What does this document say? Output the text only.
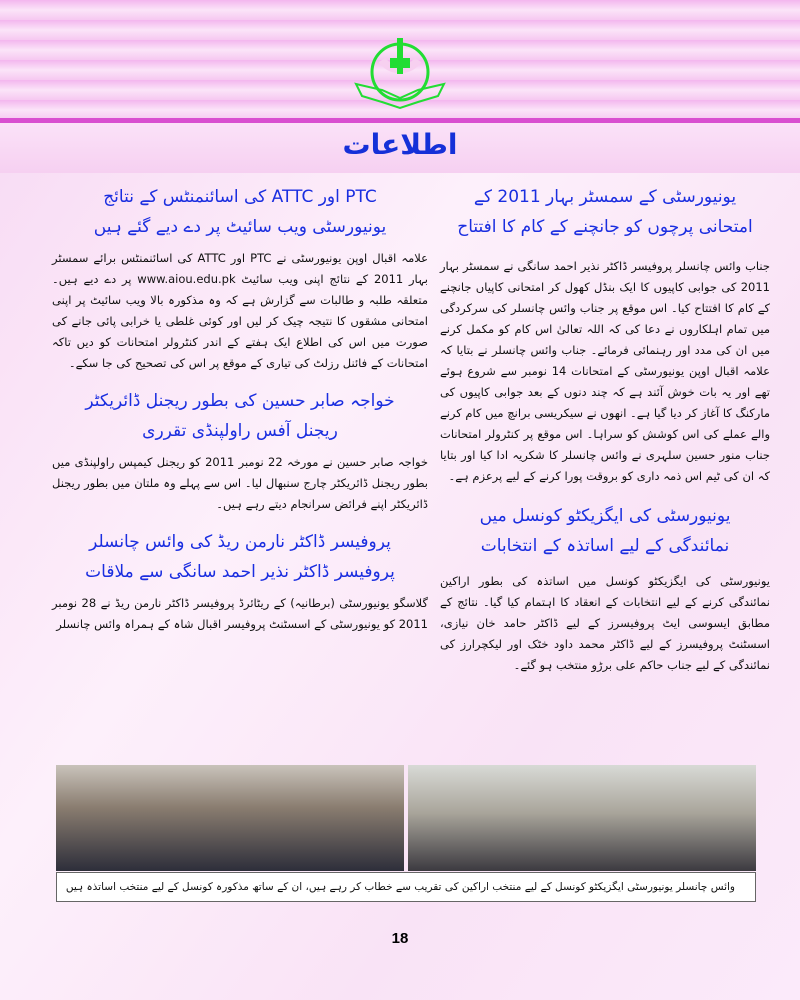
اطلاعات
یونیورسٹی کے سمسٹر بہار 2011 کے امتحانی پرچوں کو جانچنے کے کام کا افتتاح
جناب وائس چانسلر پروفیسر ڈاکٹر نذیر احمد سانگی نے سمسٹر بہار 2011 کی جوابی کاپیوں کا ایک بنڈل کھول کر امتحانی کاپیاں جانچنے کے کام کا افتتاح کیا۔ اس موقع پر جناب وائس چانسلر کی سرکردگی میں تمام اہلکاروں نے دعا کی کہ اللہ تعالیٰ اس کام کو مکمل کرنے میں ان کی مدد اور رہنمائی فرمائے۔ جناب وائس چانسلر نے بتایا کہ علامہ اقبال اوپن یونیورسٹی کے امتحانات 14 نومبر سے شروع ہوئے تھے اور یہ بات خوش آئند ہے کہ چند دنوں کے بعد جوابی کاپیوں کی مارکنگ کا آغاز کر دیا گیا ہے۔ انھوں نے سیکریسی برانچ میں کام کرنے والے عملے کی اس کوشش کو سراہا۔ اس موقع پر کنٹرولر امتحانات جناب منور حسین سلہری نے وائس چانسلر کا شکریہ ادا کیا اور بتایا کہ ان کی ٹیم اس ذمہ داری کو بروقت پورا کرنے کے لیے پرعزم ہے۔
یونیورسٹی کی ایگزیکٹو کونسل میں نمائندگی کے لیے اساتذہ کے انتخابات
یونیورسٹی کی ایگزیکٹو کونسل میں اساتذہ کی بطور اراکین نمائندگی کرنے کے لیے انتخابات کے انعقاد کا اہتمام کیا گیا۔ نتائج کے مطابق ایسوسی ایٹ پروفیسرز کے لیے ڈاکٹر حامد خان نیازی، اسسٹنٹ پروفیسرز کے لیے ڈاکٹر محمد داود خٹک اور لیکچرارز کی نمائندگی کے لیے جناب حاکم علی برڑو منتخب ہو گئے۔
PTC اور ATTC کی اسائنمنٹس کے نتائج یونیورسٹی ویب سائیٹ پر دے دیے گئے ہیں
علامہ اقبال اوپن یونیورسٹی نے PTC اور ATTC کی اسائنمنٹس برائے سمسٹر بہار 2011 کے نتائج اپنی ویب سائیٹ www.aiou.edu.pk پر دے دیے ہیں۔ متعلقہ طلبہ و طالبات سے گزارش ہے کہ وہ مذکورہ بالا ویب سائیٹ پر اپنی امتحانی مشقوں کا نتیجہ چیک کر لیں اور کوئی غلطی یا خرابی پائی جانے کی صورت میں اس کی اطلاع ایک ہفتے کے اندر کنٹرولر امتحانات کو دیں تاکہ امتحانات کے فائنل رزلٹ کی تیاری کے موقع پر اس کی تصحیح کی جا سکے۔
خواجہ صابر حسین کی بطور ریجنل ڈائریکٹر ریجنل آفس راولپنڈی تقرری
خواجہ صابر حسین نے مورخہ 22 نومبر 2011 کو ریجنل کیمپس راولپنڈی میں بطور ریجنل ڈائریکٹر چارج سنبھال لیا۔ اس سے پہلے وہ ملتان میں بطور ریجنل ڈائریکٹر اپنے فرائض سرانجام دیتے رہے ہیں۔
پروفیسر ڈاکٹر نارمن ریڈ کی وائس چانسلر پروفیسر ڈاکٹر نذیر احمد سانگی سے ملاقات
گلاسگو یونیورسٹی (برطانیہ) کے ریٹائرڈ پروفیسر ڈاکٹر نارمن ریڈ نے 28 نومبر 2011 کو یونیورسٹی کے اسسٹنٹ پروفیسر اقبال شاہ کے ہمراہ وائس چانسلر
وائس چانسلر یونیورسٹی ایگزیکٹو کونسل کے لیے منتخب اراکین کی تقریب سے خطاب کر رہے ہیں، ان کے ساتھ مذکورہ کونسل کے لیے منتخب اساتذہ ہیں
18
